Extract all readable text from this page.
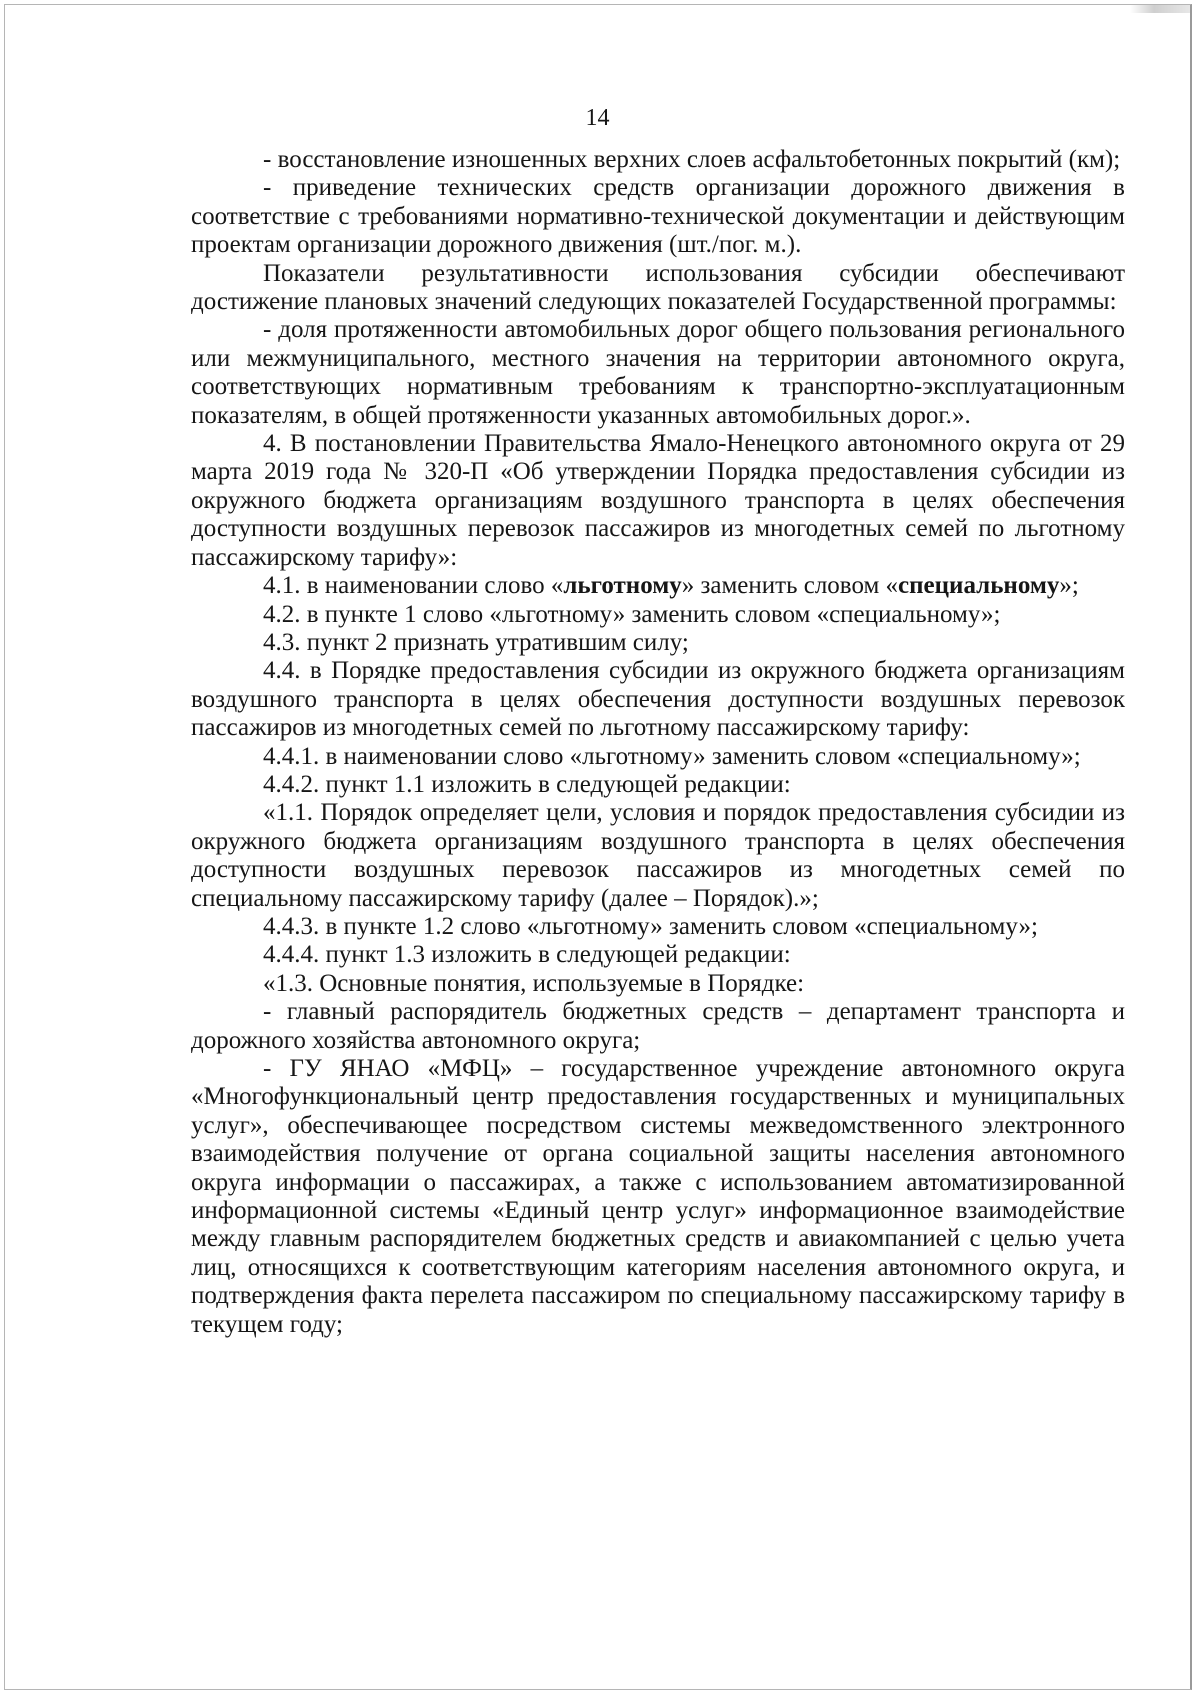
14

- восстановление изношенных верхних слоев асфальтобетонных покрытий (км);

- приведение технических средств организации дорожного движения в соответствие с требованиями нормативно-технической документации и действующим проектам организации дорожного движения (шт./пог. м.).

Показатели результативности использования субсидии обеспечивают достижение плановых значений следующих показателей Государственной программы:

- доля протяженности автомобильных дорог общего пользования регионального или межмуниципального, местного значения на территории автономного округа, соответствующих нормативным требованиям к транспортно-эксплуатационным показателям, в общей протяженности указанных автомобильных дорог.».

4. В постановлении Правительства Ямало-Ненецкого автономного округа от 29 марта 2019 года № 320-П «Об утверждении Порядка предоставления субсидии из окружного бюджета организациям воздушного транспорта в целях обеспечения доступности воздушных перевозок пассажиров из многодетных семей по льготному пассажирскому тарифу»:

4.1. в наименовании слово «льготному» заменить словом «специальному»;

4.2. в пункте 1 слово «льготному» заменить словом «специальному»;

4.3. пункт 2 признать утратившим силу;

4.4. в Порядке предоставления субсидии из окружного бюджета организациям воздушного транспорта в целях обеспечения доступности воздушных перевозок пассажиров из многодетных семей по льготному пассажирскому тарифу:

4.4.1. в наименовании слово «льготному» заменить словом «специальному»;

4.4.2. пункт 1.1 изложить в следующей редакции:

«1.1. Порядок определяет цели, условия и порядок предоставления субсидии из окружного бюджета организациям воздушного транспорта в целях обеспечения доступности воздушных перевозок пассажиров из многодетных семей по специальному пассажирскому тарифу (далее – Порядок).»;

4.4.3. в пункте 1.2 слово «льготному» заменить словом «специальному»;

4.4.4. пункт 1.3 изложить в следующей редакции:

«1.3. Основные понятия, используемые в Порядке:

- главный распорядитель бюджетных средств – департамент транспорта и дорожного хозяйства автономного округа;

- ГУ ЯНАО «МФЦ» – государственное учреждение автономного округа «Многофункциональный центр предоставления государственных и муниципальных услуг», обеспечивающее посредством системы межведомственного электронного взаимодействия получение от органа социальной защиты населения автономного округа информации о пассажирах, а также с использованием автоматизированной информационной системы «Единый центр услуг» информационное взаимодействие между главным распорядителем бюджетных средств и авиакомпанией с целью учета лиц, относящихся к соответствующим категориям населения автономного округа, и подтверждения факта перелета пассажиром по специальному пассажирскому тарифу в текущем году;
